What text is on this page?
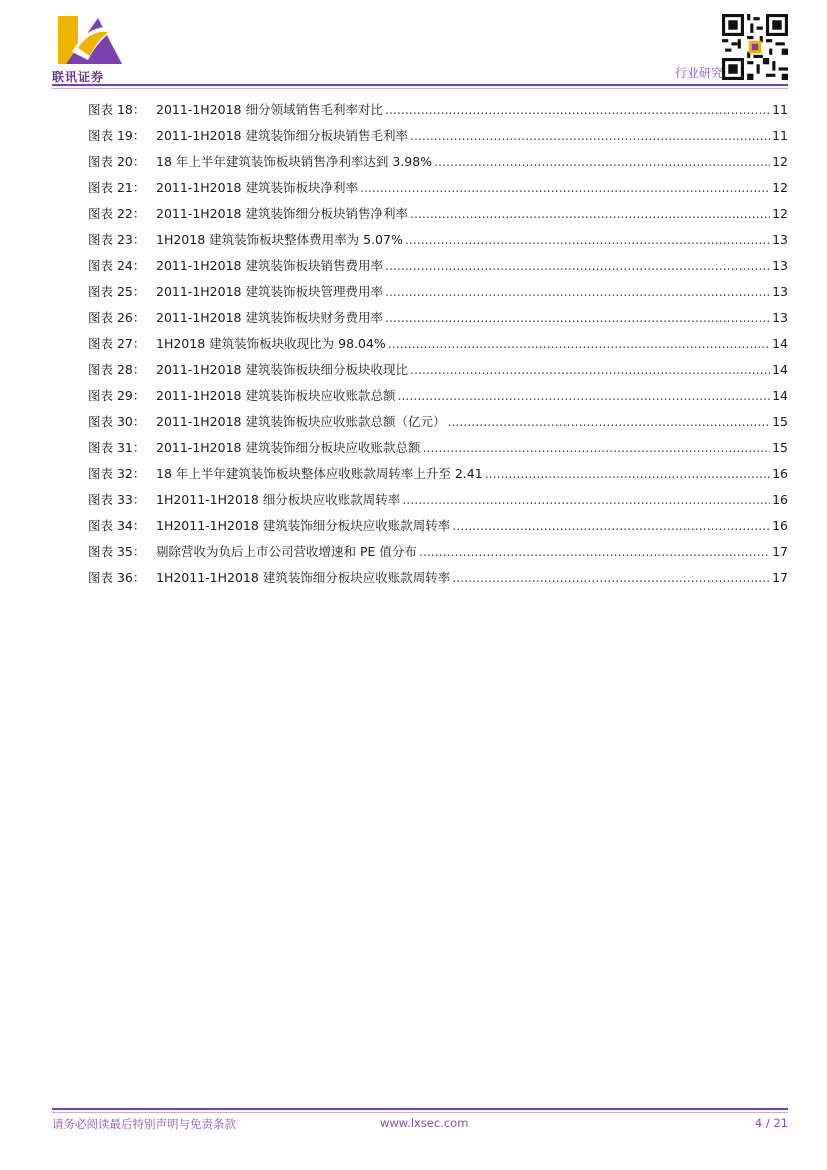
联讯证券	行业研究
图表 18： 2011-1H2018 细分领域销售毛利率对比 .....	11
图表 19： 2011-1H2018 建筑装饰细分板块销售毛利率 .....	11
图表 20： 18 年上半年建筑装饰板块销售净利率达到 3.98% .....	12
图表 21： 2011-1H2018 建筑装饰板块净利率 .....	12
图表 22： 2011-1H2018 建筑装饰细分板块销售净利率 .....	12
图表 23： 1H2018 建筑装饰板块整体费用率为 5.07% .....	13
图表 24： 2011-1H2018 建筑装饰板块销售费用率 .....	13
图表 25： 2011-1H2018 建筑装饰板块管理费用率 .....	13
图表 26： 2011-1H2018 建筑装饰板块财务费用率 .....	13
图表 27： 1H2018 建筑装饰板块收现比为 98.04% .....	14
图表 28： 2011-1H2018 建筑装饰板块细分板块收现比 .....	14
图表 29： 2011-1H2018 建筑装饰板块应收账款总额 .....	14
图表 30： 2011-1H2018 建筑装饰板块应收账款总额（亿元） .....	15
图表 31： 2011-1H2018 建筑装饰细分板块应收账款总额 .....	15
图表 32： 18 年上半年建筑装饰板块整体应收账款周转率上升至 2.41 .....	16
图表 33： 1H2011-1H2018 细分板块应收账款周转率 .....	16
图表 34： 1H2011-1H2018 建筑装饰细分板块应收账款周转率 .....	16
图表 35： 剔除营收为负后上市公司营收增速和 PE 值分布 .....	17
图表 36： 1H2011-1H2018 建筑装饰细分板块应收账款周转率 .....	17
请务必阅读最后特别声明与免责条款	www.lxsec.com	4 / 21
